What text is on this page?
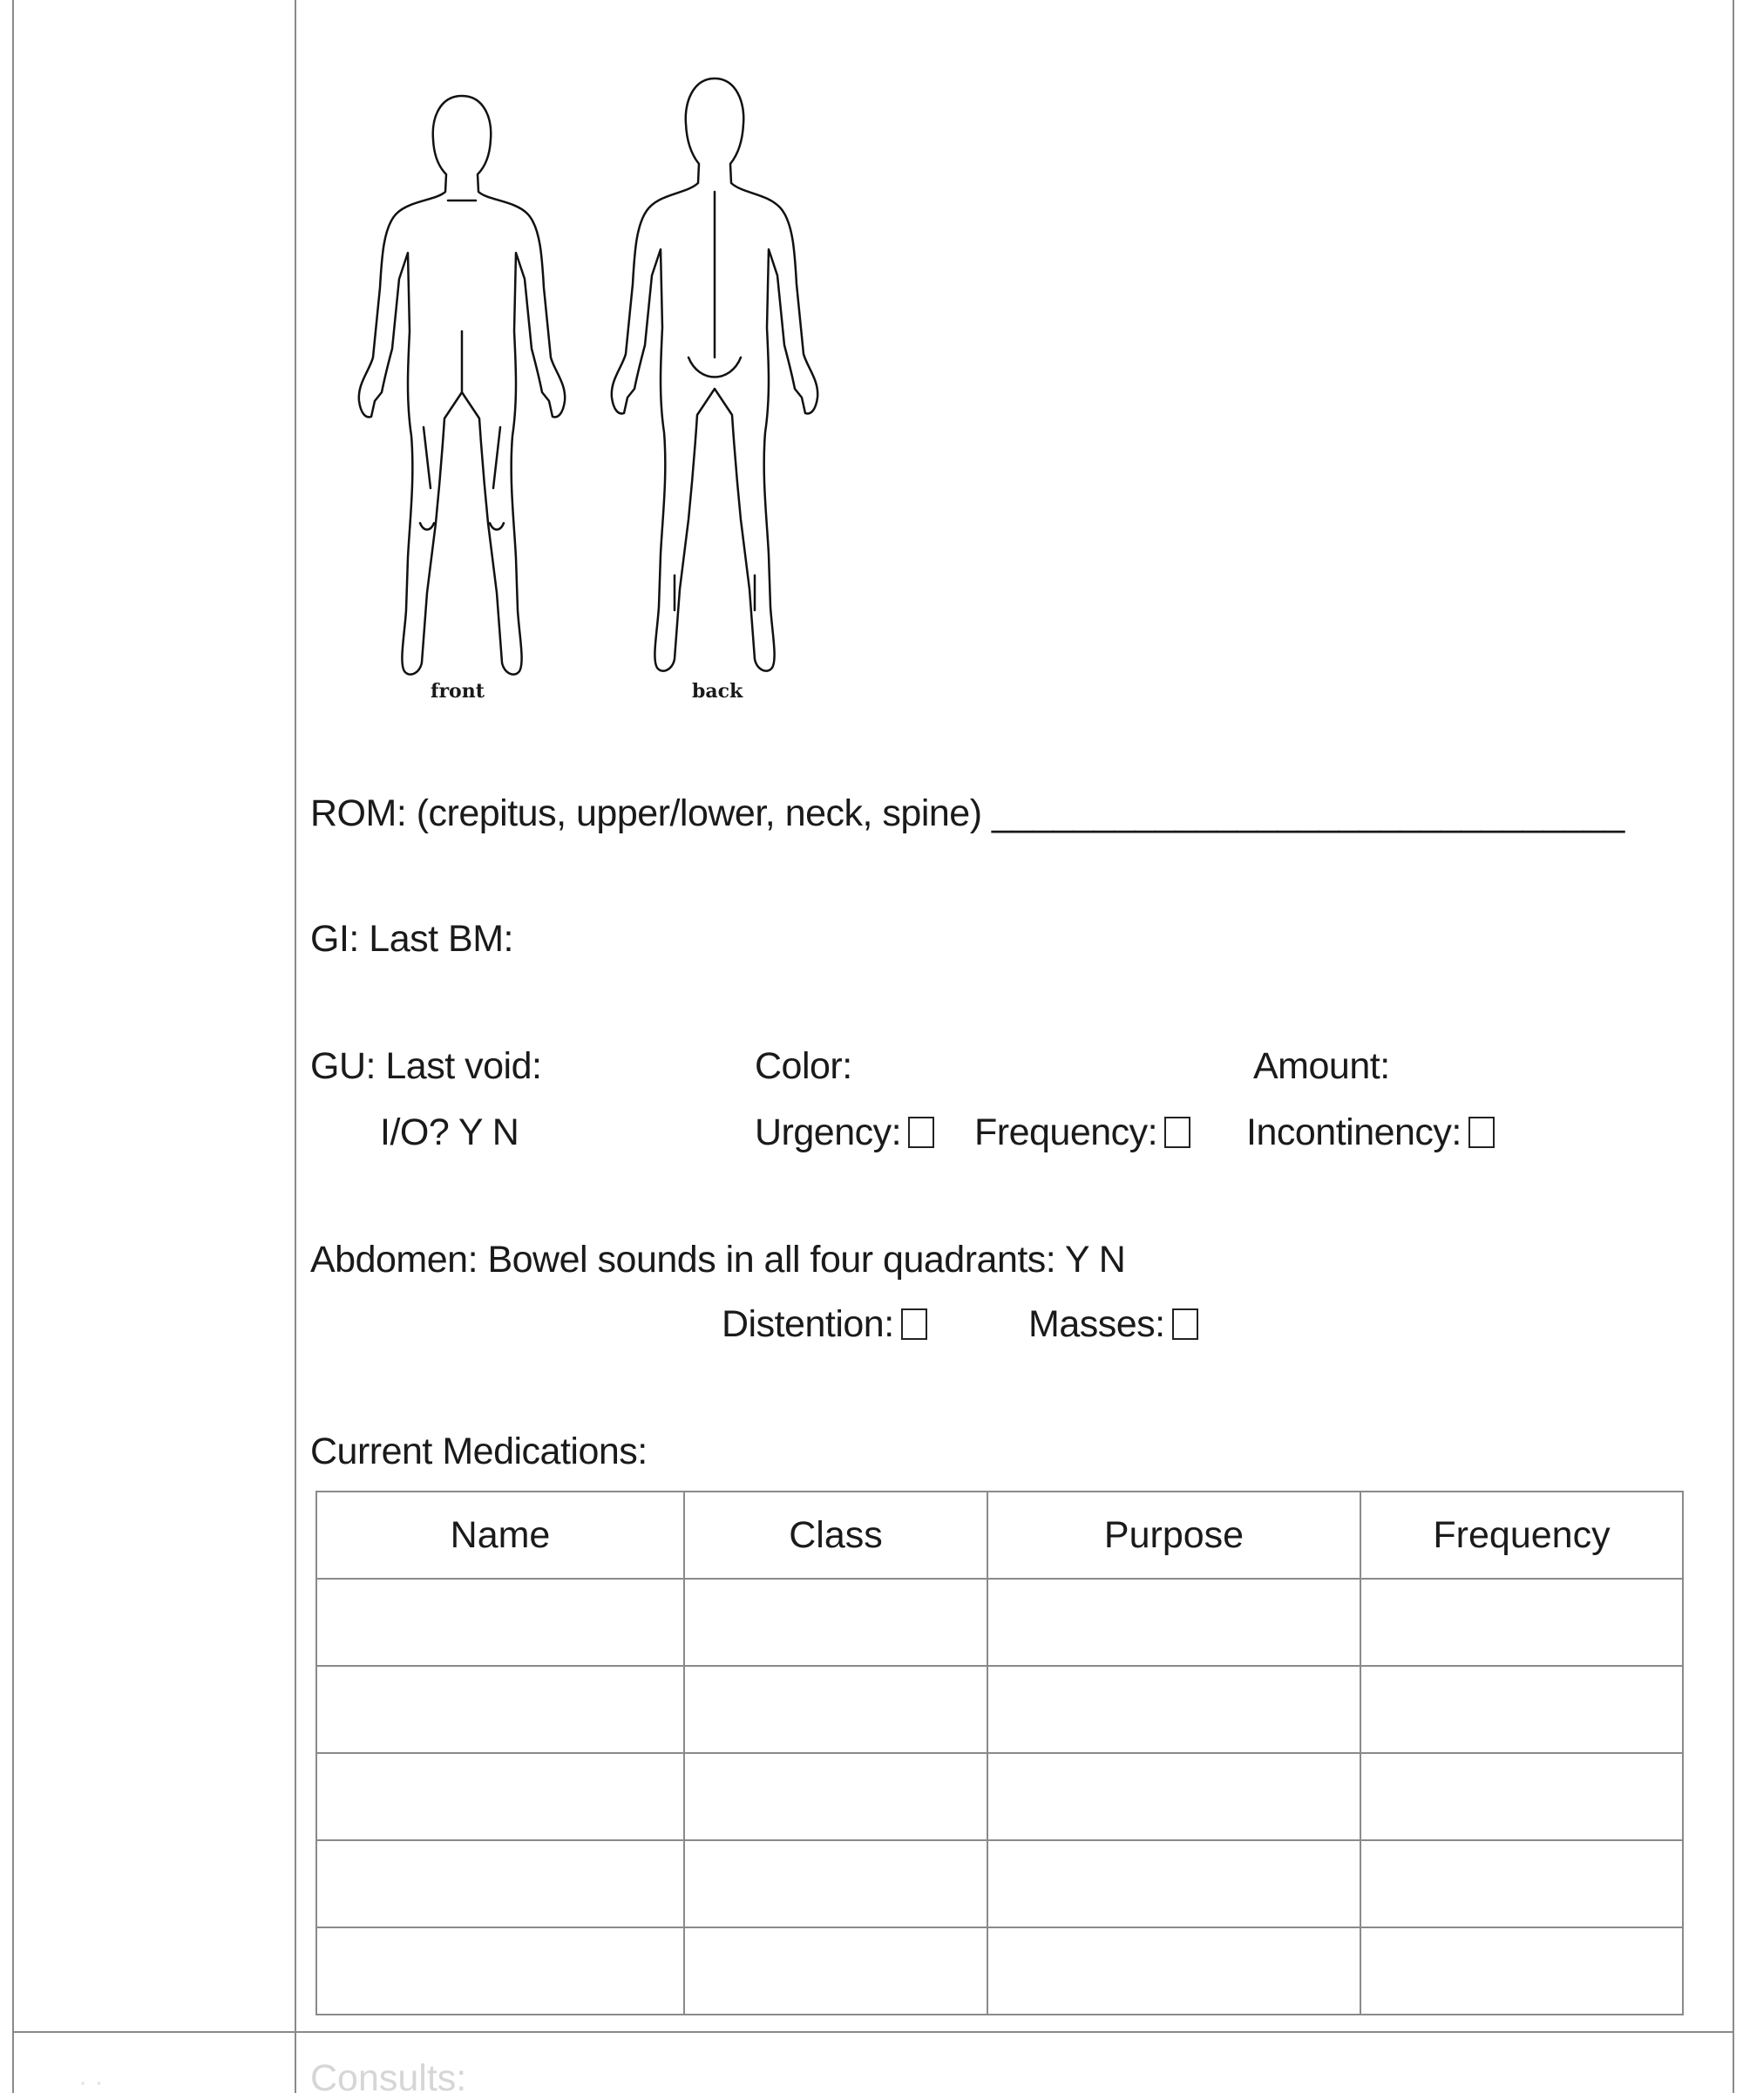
front	back
ROM: (crepitus, upper/lower, neck, spine) _______________________________
GI: Last BM:
GU: Last void:	Color:	Amount:
I/O? Y N	Urgency:	Frequency:	Incontinency:
Abdomen: Bowel sounds in all four quadrants: Y N
Distention:	Masses:
Current Medications:
Name	Class	Purpose	Frequency

· ·	Consults:
